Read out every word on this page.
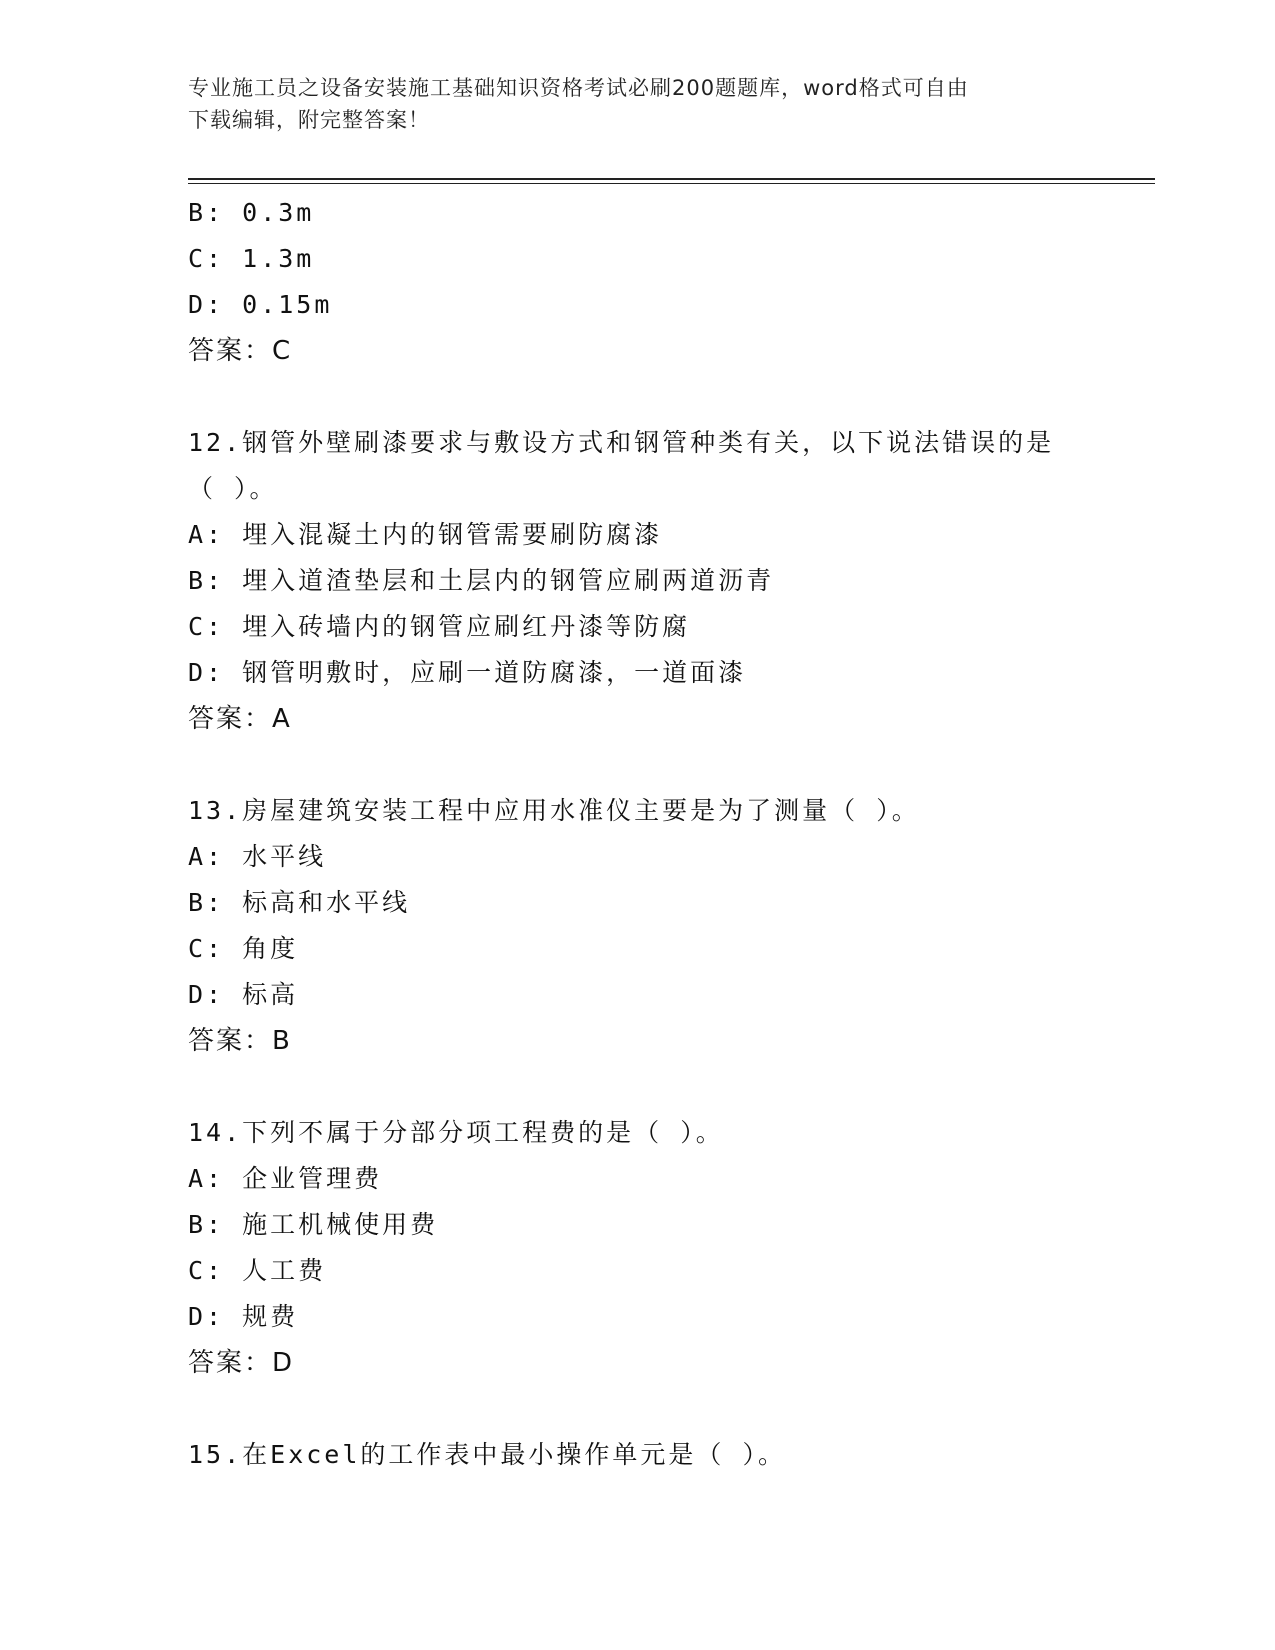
专业施工员之设备安装施工基础知识资格考试必刷200题题库，word格式可自由
下载编辑，附完整答案！
B: 0.3m
C: 1.3m
D: 0.15m
答案：C
12.钢管外壁刷漆要求与敷设方式和钢管种类有关，以下说法错误的是
（ ）。
A: 埋入混凝土内的钢管需要刷防腐漆
B: 埋入道渣垫层和土层内的钢管应刷两道沥青
C: 埋入砖墙内的钢管应刷红丹漆等防腐
D: 钢管明敷时，应刷一道防腐漆，一道面漆
答案：A
13.房屋建筑安装工程中应用水准仪主要是为了测量（ ）。
A: 水平线
B: 标高和水平线
C: 角度
D: 标高
答案：B
14.下列不属于分部分项工程费的是（ ）。
A: 企业管理费
B: 施工机械使用费
C: 人工费
D: 规费
答案：D
15.在Excel的工作表中最小操作单元是（ ）。
